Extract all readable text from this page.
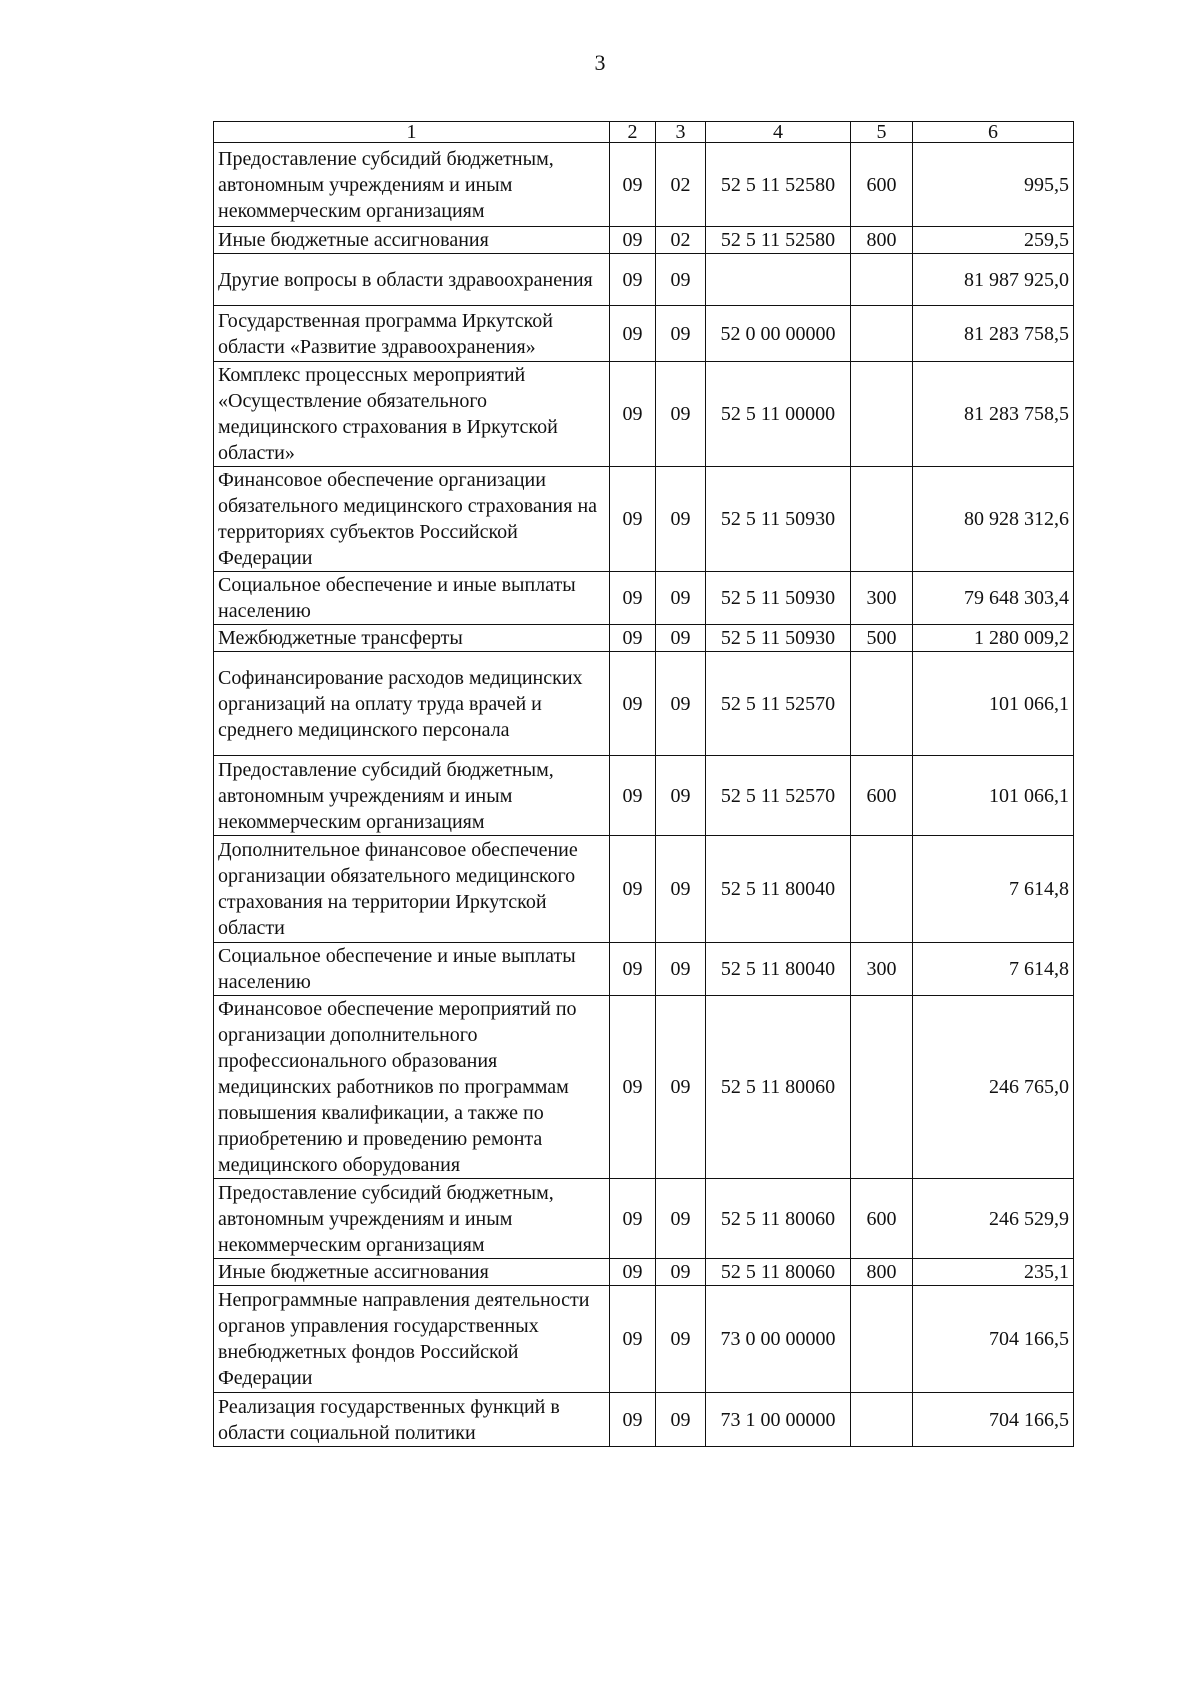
3
1	2	3	4	5	6
Предоставление субсидий бюджетным, автономным учреждениям и иным некоммерческим организациям	09	02	52 5 11 52580	600	995,5
Иные бюджетные ассигнования	09	02	52 5 11 52580	800	259,5
Другие вопросы в области здравоохранения	09	09			81 987 925,0
Государственная программа Иркутской области «Развитие здравоохранения»	09	09	52 0 00 00000		81 283 758,5
Комплекс процессных мероприятий «Осуществление обязательного медицинского страхования в Иркутской области»	09	09	52 5 11 00000		81 283 758,5
Финансовое обеспечение организации обязательного медицинского страхования на территориях субъектов Российской Федерации	09	09	52 5 11 50930		80 928 312,6
Социальное обеспечение и иные выплаты населению	09	09	52 5 11 50930	300	79 648 303,4
Межбюджетные трансферты	09	09	52 5 11 50930	500	1 280 009,2
Софинансирование расходов медицинских организаций на оплату труда врачей и среднего медицинского персонала	09	09	52 5 11 52570		101 066,1
Предоставление субсидий бюджетным, автономным учреждениям и иным некоммерческим организациям	09	09	52 5 11 52570	600	101 066,1
Дополнительное финансовое обеспечение организации обязательного медицинского страхования на территории Иркутской области	09	09	52 5 11 80040		7 614,8
Социальное обеспечение и иные выплаты населению	09	09	52 5 11 80040	300	7 614,8
Финансовое обеспечение мероприятий по организации дополнительного профессионального образования медицинских работников по программам повышения квалификации, а также по приобретению и проведению ремонта медицинского оборудования	09	09	52 5 11 80060		246 765,0
Предоставление субсидий бюджетным, автономным учреждениям и иным некоммерческим организациям	09	09	52 5 11 80060	600	246 529,9
Иные бюджетные ассигнования	09	09	52 5 11 80060	800	235,1
Непрограммные направления деятельности органов управления государственных внебюджетных фондов Российской Федерации	09	09	73 0 00 00000		704 166,5
Реализация государственных функций в области социальной политики	09	09	73 1 00 00000		704 166,5
